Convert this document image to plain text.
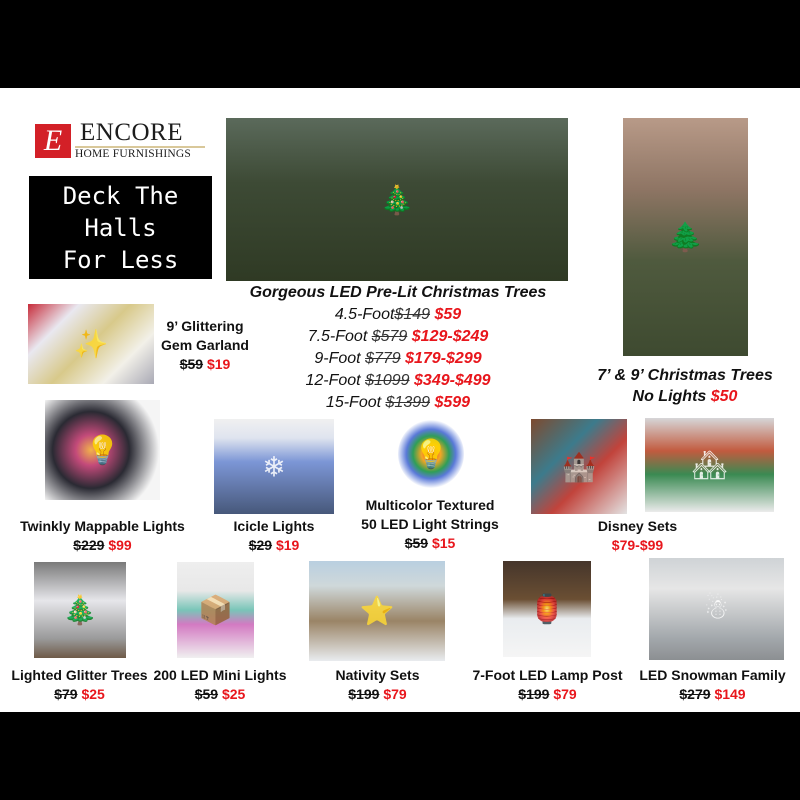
E ENCORE
HOME FURNISHINGS
Deck The
Halls
For Less
🎄
Gorgeous LED Pre-Lit Christmas Trees
4.5-Foot$149 $59
7.5-Foot $579 $129-$249
9-Foot $779 $179-$299
12-Foot $1099 $349-$499
15-Foot $1399 $599
🌲
7’ & 9’ Christmas Trees
No Lights $50
✨
9’ Glittering
Gem Garland
$59 $19
💡
Twinkly Mappable Lights
$229 $99
❄
Icicle Lights
$29 $19
💡
Multicolor Textured
50 LED Light Strings
$59 $15
🏰	🏘
Disney Sets
$79-$99
🎄
Lighted Glitter Trees
$79 $25
📦
200 LED Mini Lights
$59 $25
⭐
Nativity Sets
$199 $79
🏮
7-Foot LED Lamp Post
$199 $79
☃
LED Snowman Family
$279 $149
